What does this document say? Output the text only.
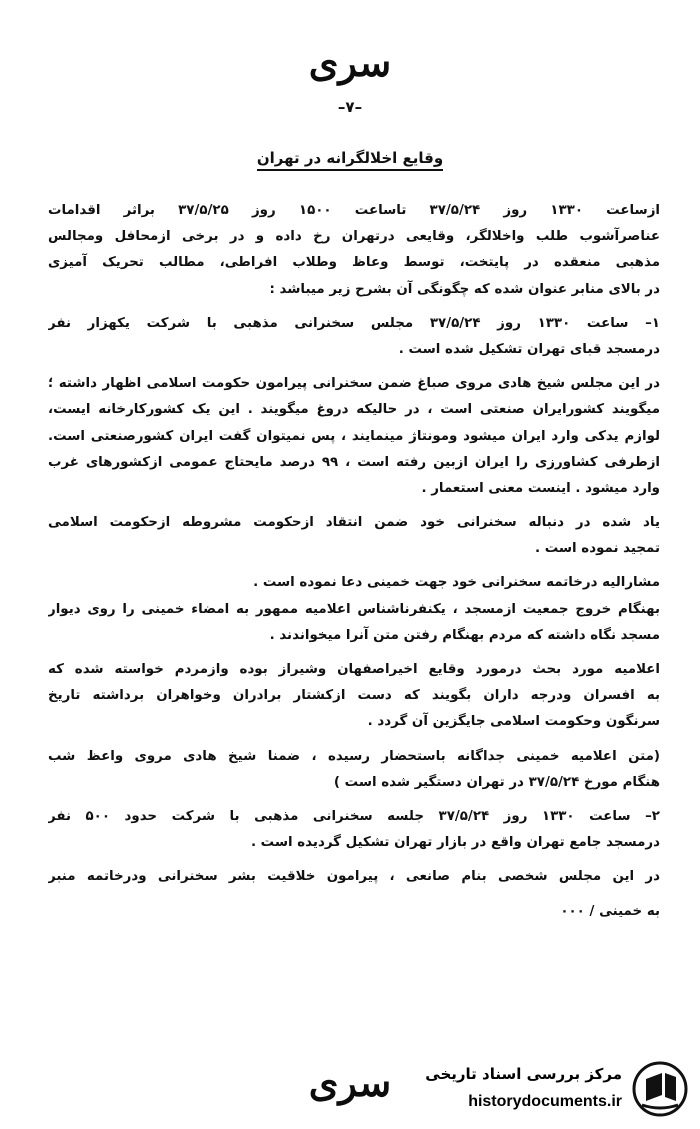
سری
–۷–
وقایع اخلالگرانه در تهران
ازساعت ۱۳۳۰ روز ۳۷/۵/۲۴ تاساعت ۱۵۰۰ روز ۳۷/۵/۲۵ براثر اقدامات
عناصرآشوب طلب واخلالگر، وقایعی درتهران رخ داده و در برخی ازمحافل ومجالس
مذهبی منعقده در پایتخت، توسط وعاظ وطلاب افراطی، مطالب تحریک آمیزی
در بالای منابر عنوان شده که چگونگی آن بشرح زیر میباشد :
۱– ساعت ۱۳۳۰ روز ۳۷/۵/۲۴ مجلس سخنرانی مذهبی با شرکت یکهزار نفر
درمسجد قبای تهران تشکیل شده است .
در این مجلس شیخ هادی مروی صباغ ضمن سخنرانی پیرامون حکومت اسلامی اظهار داشته ؛
میگویند کشورایران صنعتی است ، در حالیکه دروغ میگویند . این یک کشورکارخانه ایست،
لوازم یدکی وارد ایران میشود ومونتاژ مینمایند ، پس نمیتوان گفت ایران کشورصنعتی است.
ازطرفی کشاورزی را ایران ازبین رفته است ، ۹۹ درصد مایحتاج عمومی ازکشورهای غرب
وارد میشود . اینست معنی استعمار .
یاد شده در دنباله سخنرانی خود ضمن انتقاد ازحکومت مشروطه ازحکومت اسلامی
تمجید نموده است .
مشارالیه درخاتمه سخنرانی خود جهت خمینی دعا نموده است .
بهنگام خروج جمعیت ازمسجد ، یکنفرناشناس اعلامیه ممهور به امضاء خمینی را روی دیوار
مسجد نگاه داشته که مردم بهنگام رفتن متن آنرا میخواندند .
اعلامیه مورد بحث درمورد وقایع اخیراصفهان وشیراز بوده وازمردم خواسته شده که
به افسران ودرجه داران بگویند که دست ازکشتار برادران وخواهران برداشته تاریخ
سرنگون وحکومت اسلامی جایگزین آن گردد .
(متن اعلامیه خمینی جداگانه باستحضار رسیده ، ضمنا شیخ هادی مروی واعظ شب
هنگام مورخ ۳۷/۵/۲۴ در تهران دستگیر شده است )
۲– ساعت ۱۳۳۰ روز ۳۷/۵/۲۴ جلسه سخنرانی مذهبی با شرکت حدود ۵۰۰ نفر
درمسجد جامع تهران واقع در بازار تهران تشکیل گردیده است .
در این مجلس شخصی بنام صانعی ، پیرامون خلاقیت بشر سخنرانی ودرخاتمه منبر
به خمینی / ۰۰۰
سری	مرکز بررسی اسناد تاریخی
historydocuments.ir
